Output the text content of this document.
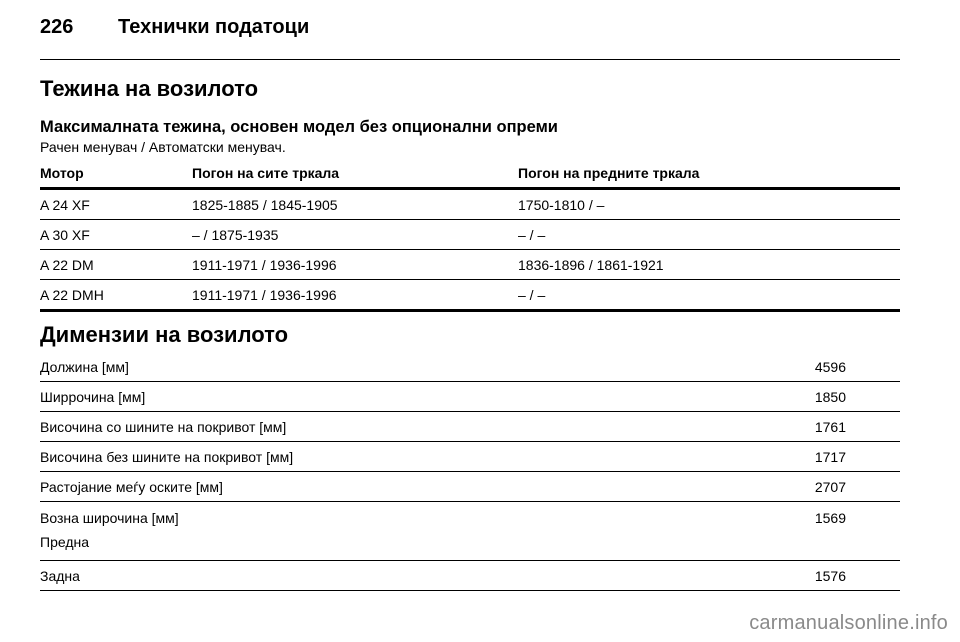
226	Технички податоци
Тежина на возилото
Максималната тежина, основен модел без опционални опреми
Рачен менувач / Автоматски менувач.
Мотор	Погон на сите тркала	Погон на предните тркала
A 24 XF	1825-1885 / 1845-1905	1750-1810 / –
A 30 XF	– / 1875-1935	– / –
A 22 DM	1911-1971 / 1936-1996	1836-1896 / 1861-1921
A 22 DMH	1911-1971 / 1936-1996	– / –
Димензии на возилото
Должина [мм]	4596
Ширрочина [мм]	1850
Височина со шините на покривот [мм]	1761
Височина без шините на покривот [мм]	1717
Растојание меѓу оските [мм]	2707
Возна широчина [мм]
Предна	1569
Задна	1576
carmanualsonline.info
